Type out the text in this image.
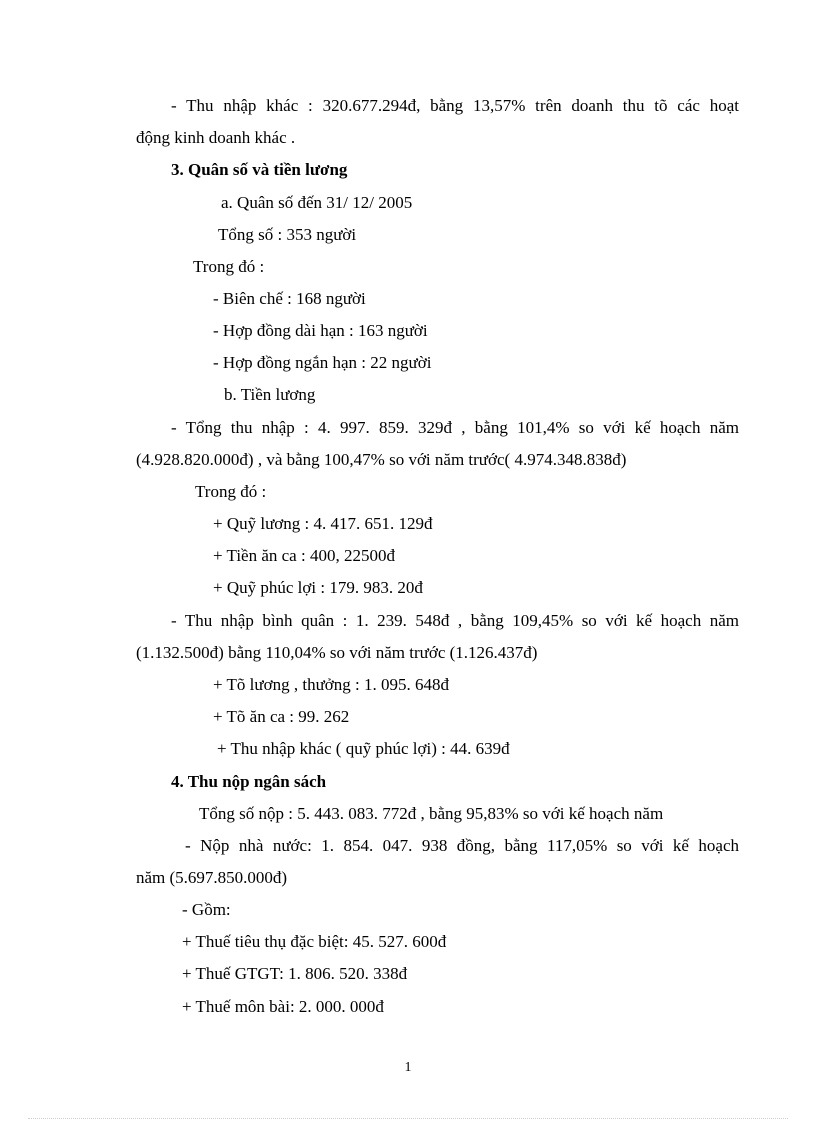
- Thu nhập khác : 320.677.294đ, bằng 13,57% trên doanh thu tõ các hoạt
động kinh doanh khác .
3. Quân số và tiền lương
a. Quân số đến 31/ 12/ 2005
Tổng số : 353 người
Trong đó :
- Biên chế : 168 người
- Hợp đồng dài hạn : 163 người
- Hợp đồng ngắn hạn : 22 người
b. Tiền lương
- Tổng thu nhập : 4. 997. 859. 329đ , bằng 101,4% so với kế hoạch năm
(4.928.820.000đ) , và bằng 100,47% so với năm trước( 4.974.348.838đ)
Trong đó :
+ Quỹ lương : 4. 417. 651. 129đ
+ Tiền ăn ca : 400, 22500đ
+ Quỹ phúc lợi : 179. 983. 20đ
- Thu nhập bình quân : 1. 239. 548đ , bằng 109,45% so với kế hoạch năm
(1.132.500đ) bằng 110,04% so với năm trước (1.126.437đ)
+ Tõ lương , thưởng : 1. 095. 648đ
+ Tõ ăn ca : 99. 262
+ Thu nhập khác ( quỹ phúc lợi) : 44. 639đ
4. Thu nộp ngân sách
Tổng số nộp : 5. 443. 083. 772đ , bằng 95,83% so với kế hoạch năm
- Nộp nhà nước: 1. 854. 047. 938 đồng, bằng 117,05% so với kế hoạch
năm (5.697.850.000đ)
- Gồm:
+ Thuế tiêu thụ đặc biệt: 45. 527. 600đ
+ Thuế GTGT: 1. 806. 520. 338đ
+ Thuế môn bài: 2. 000. 000đ
1
